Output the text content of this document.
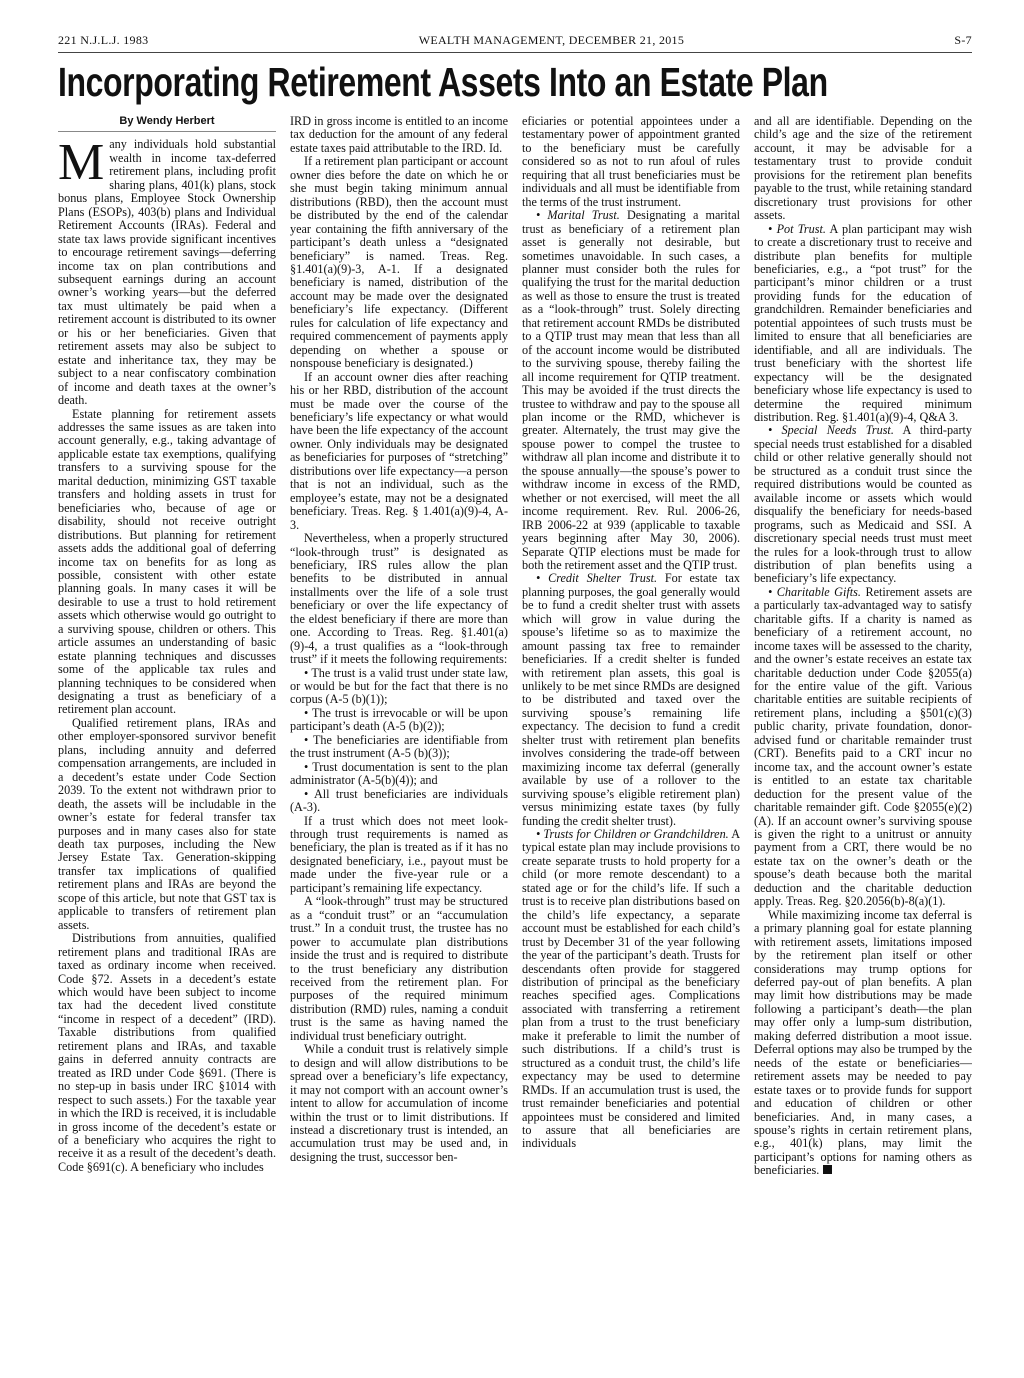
221 N.J.L.J. 1983	WEALTH MANAGEMENT, DECEMBER 21, 2015	S-7
Incorporating Retirement Assets Into an Estate Plan
By Wendy Herbert

Many individuals hold substantial wealth in income tax-deferred retirement plans, including profit sharing plans, 401(k) plans, stock bonus plans, Employee Stock Ownership Plans (ESOPs), 403(b) plans and Individual Retirement Accounts (IRAs). Federal and state tax laws provide significant incentives to encourage retirement savings—deferring income tax on plan contributions and subsequent earnings during an account owner’s working years—but the deferred tax must ultimately be paid when a retirement account is distributed to its owner or his or her beneficiaries. Given that retirement assets may also be subject to estate and inheritance tax, they may be subject to a near confiscatory combination of income and death taxes at the owner’s death.

Estate planning for retirement assets addresses the same issues as are taken into account generally, e.g., taking advantage of applicable estate tax exemptions, qualifying transfers to a surviving spouse for the marital deduction, minimizing GST taxable transfers and holding assets in trust for beneficiaries who, because of age or disability, should not receive outright distributions. But planning for retirement assets adds the additional goal of deferring income tax on benefits for as long as possible, consistent with other estate planning goals. In many cases it will be desirable to use a trust to hold retirement assets which otherwise would go outright to a surviving spouse, children or others. This article assumes an understanding of basic estate planning techniques and discusses some of the applicable tax rules and planning techniques to be considered when designating a trust as beneficiary of a retirement plan account.

Qualified retirement plans, IRAs and other employer-sponsored survivor benefit plans, including annuity and deferred compensation arrangements, are included in a decedent’s estate under Code Section 2039. To the extent not withdrawn prior to death, the assets will be includable in the owner’s estate for federal transfer tax purposes and in many cases also for state death tax purposes, including the New Jersey Estate Tax. Generation-skipping transfer tax implications of qualified retirement plans and IRAs are beyond the scope of this article, but note that GST tax is applicable to transfers of retirement plan assets.

Distributions from annuities, qualified retirement plans and traditional IRAs are taxed as ordinary income when received. Code §72. Assets in a decedent’s estate which would have been subject to income tax had the decedent lived constitute “income in respect of a decedent” (IRD). Taxable distributions from qualified retirement plans and IRAs, and taxable gains in deferred annuity contracts are treated as IRD under Code §691. (There is no step-up in basis under IRC §1014 with respect to such assets.) For the taxable year in which the IRD is received, it is includable in gross income of the decedent’s estate or of a beneficiary who acquires the right to receive it as a result of the decedent’s death. Code §691(c). A beneficiary who includes

IRD in gross income is entitled to an income tax deduction for the amount of any federal estate taxes paid attributable to the IRD. Id.

If a retirement plan participant or account owner dies before the date on which he or she must begin taking minimum annual distributions (RBD), then the account must be distributed by the end of the calendar year containing the fifth anniversary of the participant’s death unless a “designated beneficiary” is named. Treas. Reg. §1.401(a)(9)-3, A-1. If a designated beneficiary is named, distribution of the account may be made over the designated beneficiary’s life expectancy. (Different rules for calculation of life expectancy and required commencement of payments apply depending on whether a spouse or nonspouse beneficiary is designated.)

If an account owner dies after reaching his or her RBD, distribution of the account must be made over the course of the beneficiary’s life expectancy or what would have been the life expectancy of the account owner. Only individuals may be designated as beneficiaries for purposes of “stretching” distributions over life expectancy—a person that is not an individual, such as the employee’s estate, may not be a designated beneficiary. Treas. Reg. § 1.401(a)(9)-4, A-3.

Nevertheless, when a properly structured “look-through trust” is designated as beneficiary, IRS rules allow the plan benefits to be distributed in annual installments over the life of a sole trust beneficiary or over the life expectancy of the eldest beneficiary if there are more than one. According to Treas. Reg. §1.401(a)(9)-4, a trust qualifies as a “look-through trust” if it meets the following requirements:

• The trust is a valid trust under state law, or would be but for the fact that there is no corpus (A-5 (b)(1));

• The trust is irrevocable or will be upon participant’s death (A-5 (b)(2));

• The beneficiaries are identifiable from the trust instrument (A-5 (b)(3));

• Trust documentation is sent to the plan administrator (A-5(b)(4)); and

• All trust beneficiaries are individuals (A-3).

If a trust which does not meet look-through trust requirements is named as beneficiary, the plan is treated as if it has no designated beneficiary, i.e., payout must be made under the five-year rule or a participant’s remaining life expectancy.

A “look-through” trust may be structured as a “conduit trust” or an “accumulation trust.” In a conduit trust, the trustee has no power to accumulate plan distributions inside the trust and is required to distribute to the trust beneficiary any distribution received from the retirement plan. For purposes of the required minimum distribution (RMD) rules, naming a conduit trust is the same as having named the individual trust beneficiary outright.

While a conduit trust is relatively simple to design and will allow distributions to be spread over a beneficiary’s life expectancy, it may not comport with an account owner’s intent to allow for accumulation of income within the trust or to limit distributions. If instead a discretionary trust is intended, an accumulation trust may be used and, in designing the trust, successor ben-

eficiaries or potential appointees under a testamentary power of appointment granted to the beneficiary must be carefully considered so as not to run afoul of rules requiring that all trust beneficiaries must be individuals and all must be identifiable from the terms of the trust instrument.

• Marital Trust. Designating a marital trust as beneficiary of a retirement plan asset is generally not desirable, but sometimes unavoidable. In such cases, a planner must consider both the rules for qualifying the trust for the marital deduction as well as those to ensure the trust is treated as a “look-through” trust. Solely directing that retirement account RMDs be distributed to a QTIP trust may mean that less than all of the account income would be distributed to the surviving spouse, thereby failing the all income requirement for QTIP treatment. This may be avoided if the trust directs the trustee to withdraw and pay to the spouse all plan income or the RMD, whichever is greater. Alternately, the trust may give the spouse power to compel the trustee to withdraw all plan income and distribute it to the spouse annually—the spouse’s power to withdraw income in excess of the RMD, whether or not exercised, will meet the all income requirement. Rev. Rul. 2006-26, IRB 2006-22 at 939 (applicable to taxable years beginning after May 30, 2006). Separate QTIP elections must be made for both the retirement asset and the QTIP trust.

• Credit Shelter Trust. For estate tax planning purposes, the goal generally would be to fund a credit shelter trust with assets which will grow in value during the spouse’s lifetime so as to maximize the amount passing tax free to remainder beneficiaries. If a credit shelter is funded with retirement plan assets, this goal is unlikely to be met since RMDs are designed to be distributed and taxed over the surviving spouse’s remaining life expectancy. The decision to fund a credit shelter trust with retirement plan benefits involves considering the trade-off between maximizing income tax deferral (generally available by use of a rollover to the surviving spouse’s eligible retirement plan) versus minimizing estate taxes (by fully funding the credit shelter trust).

• Trusts for Children or Grandchildren. A typical estate plan may include provisions to create separate trusts to hold property for a child (or more remote descendant) to a stated age or for the child’s life. If such a trust is to receive plan distributions based on the child’s life expectancy, a separate account must be established for each child’s trust by December 31 of the year following the year of the participant’s death. Trusts for descendants often provide for staggered distribution of principal as the beneficiary reaches specified ages. Complications associated with transferring a retirement plan from a trust to the trust beneficiary make it preferable to limit the number of such distributions. If a child’s trust is structured as a conduit trust, the child’s life expectancy may be used to determine RMDs. If an accumulation trust is used, the trust remainder beneficiaries and potential appointees must be considered and limited to assure that all beneficiaries are individuals

and all are identifiable. Depending on the child’s age and the size of the retirement account, it may be advisable for a testamentary trust to provide conduit provisions for the retirement plan benefits payable to the trust, while retaining standard discretionary trust provisions for other assets.

• Pot Trust. A plan participant may wish to create a discretionary trust to receive and distribute plan benefits for multiple beneficiaries, e.g., a “pot trust” for the participant’s minor children or a trust providing funds for the education of grandchildren. Remainder beneficiaries and potential appointees of such trusts must be limited to ensure that all beneficiaries are identifiable, and all are individuals. The trust beneficiary with the shortest life expectancy will be the designated beneficiary whose life expectancy is used to determine the required minimum distribution. Reg. §1.401(a)(9)-4, Q&A 3.

• Special Needs Trust. A third-party special needs trust established for a disabled child or other relative generally should not be structured as a conduit trust since the required distributions would be counted as available income or assets which would disqualify the beneficiary for needs-based programs, such as Medicaid and SSI. A discretionary special needs trust must meet the rules for a look-through trust to allow distribution of plan benefits using a beneficiary’s life expectancy.

• Charitable Gifts. Retirement assets are a particularly tax-advantaged way to satisfy charitable gifts. If a charity is named as beneficiary of a retirement account, no income taxes will be assessed to the charity, and the owner’s estate receives an estate tax charitable deduction under Code §2055(a) for the entire value of the gift. Various charitable entities are suitable recipients of retirement plans, including a §501(c)(3) public charity, private foundation, donor-advised fund or charitable remainder trust (CRT). Benefits paid to a CRT incur no income tax, and the account owner’s estate is entitled to an estate tax charitable deduction for the present value of the charitable remainder gift. Code §2055(e)(2)(A). If an account owner’s surviving spouse is given the right to a unitrust or annuity payment from a CRT, there would be no estate tax on the owner’s death or the spouse’s death because both the marital deduction and the charitable deduction apply. Treas. Reg. §20.2056(b)-8(a)(1).

While maximizing income tax deferral is a primary planning goal for estate planning with retirement assets, limitations imposed by the retirement plan itself or other considerations may trump options for deferred pay-out of plan benefits. A plan may limit how distributions may be made following a participant’s death—the plan may offer only a lump-sum distribution, making deferred distribution a moot issue. Deferral options may also be trumped by the needs of the estate or beneficiaries—retirement assets may be needed to pay estate taxes or to provide funds for support and education of children or other beneficiaries. And, in many cases, a spouse’s rights in certain retirement plans, e.g., 401(k) plans, may limit the participant’s options for naming others as beneficiaries.
